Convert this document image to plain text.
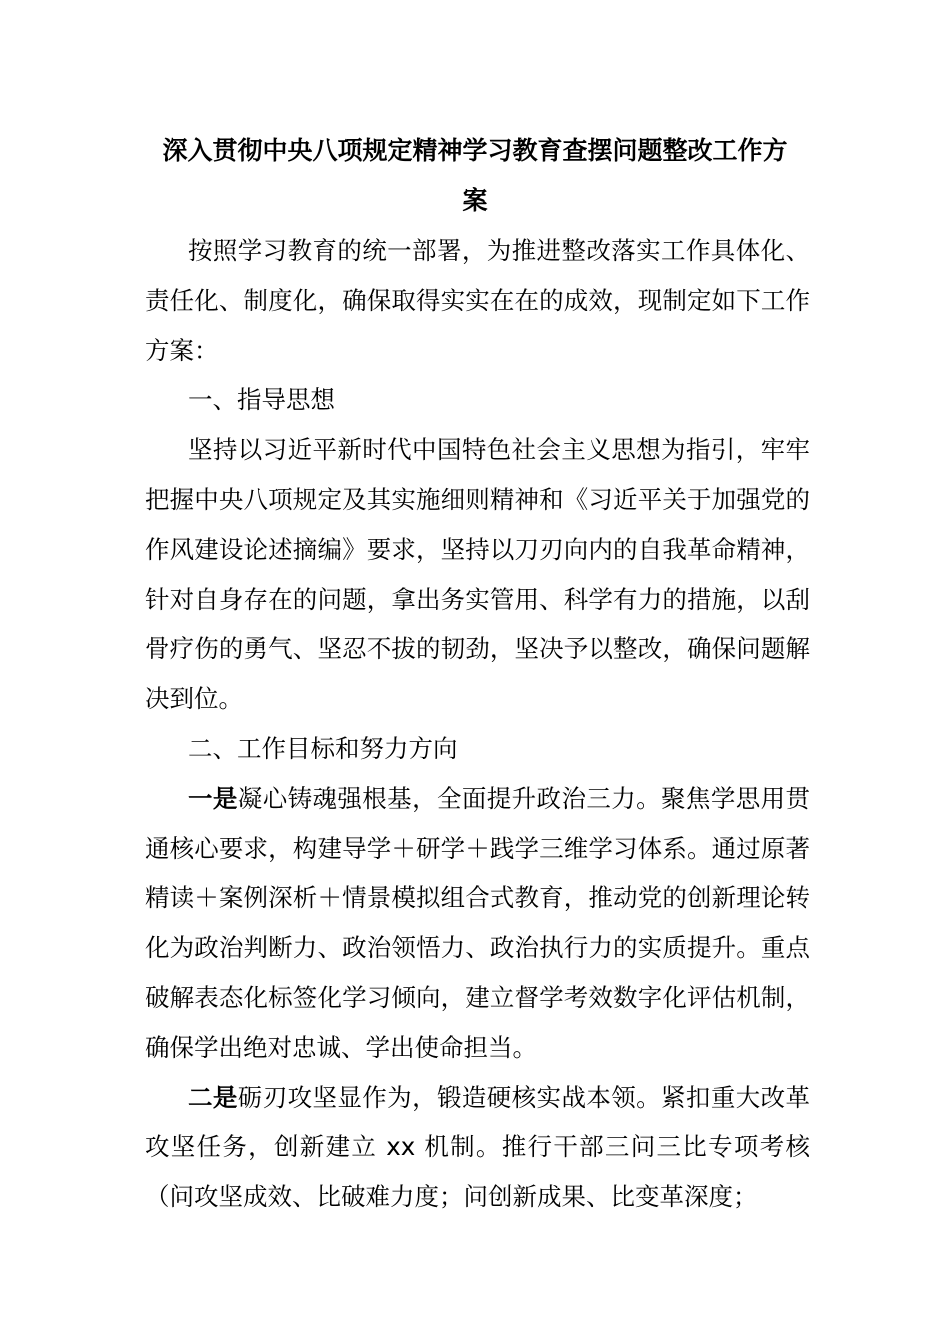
深入贯彻中央八项规定精神学习教育查摆问题整改工作方
案

按照学习教育的统一部署，为推进整改落实工作具体化、责任化、制度化，确保取得实实在在的成效，现制定如下工作方案：

一、指导思想

坚持以习近平新时代中国特色社会主义思想为指引，牢牢把握中央八项规定及其实施细则精神和《习近平关于加强党的作风建设论述摘编》要求，坚持以刀刃向内的自我革命精神，针对自身存在的问题，拿出务实管用、科学有力的措施，以刮骨疗伤的勇气、坚忍不拔的韧劲，坚决予以整改，确保问题解决到位。

二、工作目标和努力方向

一是凝心铸魂强根基，全面提升政治三力。聚焦学思用贯通核心要求，构建导学＋研学＋践学三维学习体系。通过原著精读＋案例深析＋情景模拟组合式教育，推动党的创新理论转化为政治判断力、政治领悟力、政治执行力的实质提升。重点破解表态化标签化学习倾向，建立督学考效数字化评估机制，确保学出绝对忠诚、学出使命担当。

二是砺刃攻坚显作为，锻造硬核实战本领。紧扣重大改革攻坚任务，创新建立 xx 机制。推行干部三问三比专项考核（问攻坚成效、比破难力度；问创新成果、比变革深度；
